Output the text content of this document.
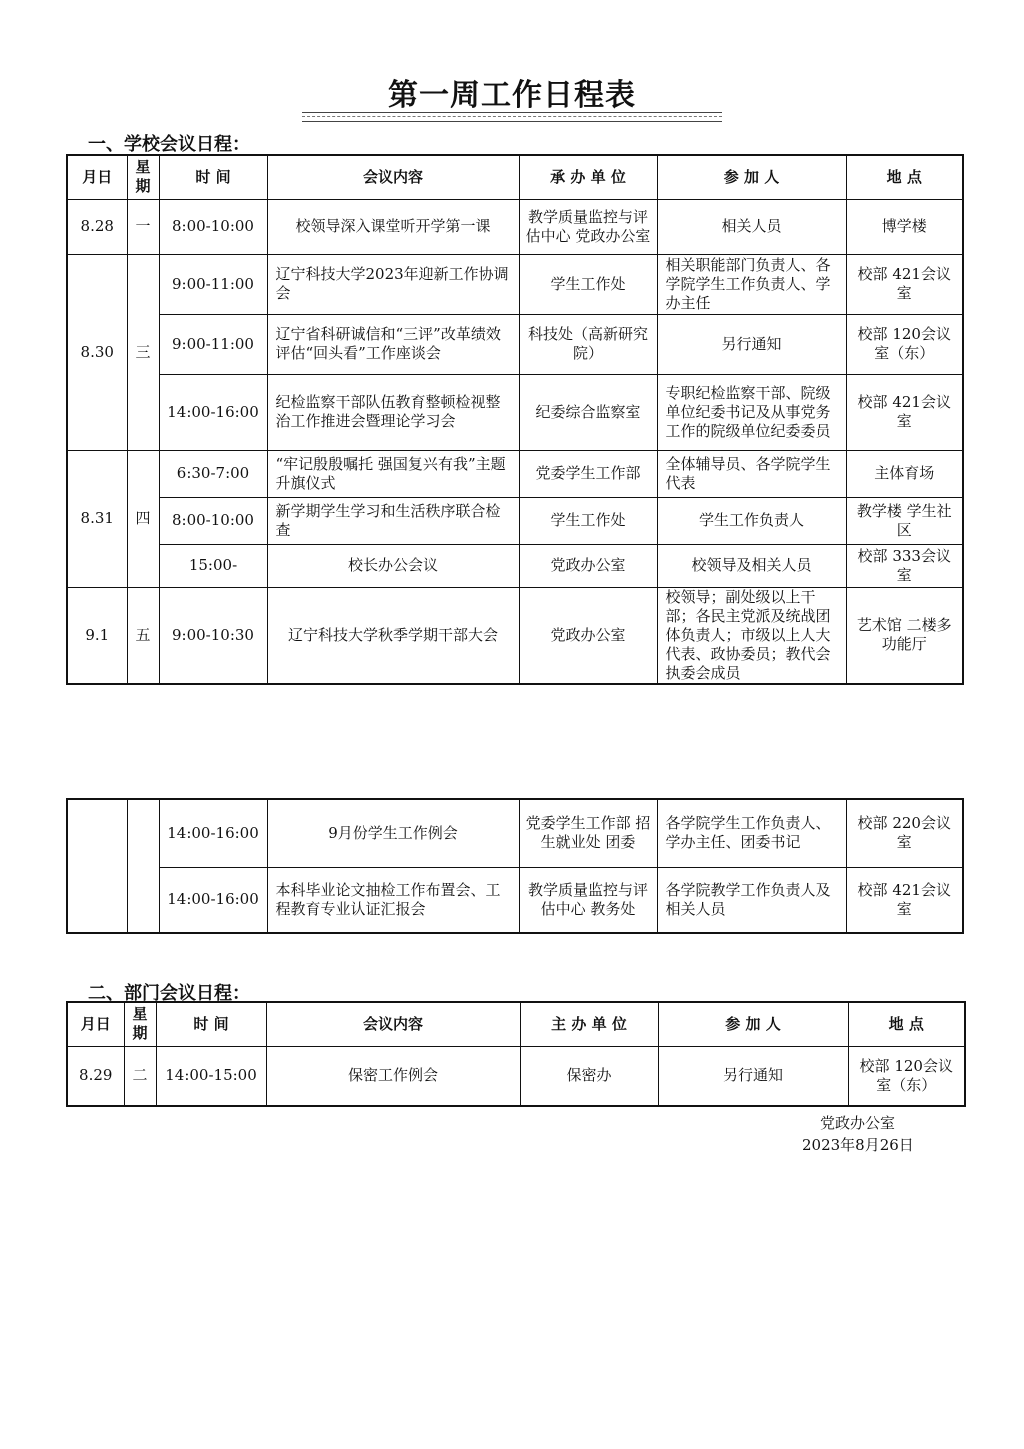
第一周工作日程表
一、学校会议日程：
月日	星期	时 间	会议内容	承 办 单 位	参 加 人	地 点
8.28	一	8:00-10:00	校领导深入课堂听开学第一课	教学质量监控与评估中心 党政办公室	相关人员	博学楼
8.30	三	9:00-11:00	辽宁科技大学2023年迎新工作协调会	学生工作处	相关职能部门负责人、各学院学生工作负责人、学办主任	校部 421会议室
		9:00-11:00	辽宁省科研诚信和“三评”改革绩效评估“回头看”工作座谈会	科技处（高新研究院）	另行通知	校部 120会议室（东）
		14:00-16:00	纪检监察干部队伍教育整顿检视整治工作推进会暨理论学习会	纪委综合监察室	专职纪检监察干部、院级单位纪委书记及从事党务工作的院级单位纪委委员	校部 421会议室
8.31	四	6:30-7:00	“牢记殷殷嘱托 强国复兴有我”主题升旗仪式	党委学生工作部	全体辅导员、各学院学生代表	主体育场
		8:00-10:00	新学期学生学习和生活秩序联合检查	学生工作处	学生工作负责人	教学楼 学生社区
		15:00-	校长办公会议	党政办公室	校领导及相关人员	校部 333会议室
9.1	五	9:00-10:30	辽宁科技大学秋季学期干部大会	党政办公室	校领导；副处级以上干部；各民主党派及统战团体负责人；市级以上人大代表、政协委员；教代会执委会成员	艺术馆 二楼多功能厅
		14:00-16:00	9月份学生工作例会	党委学生工作部 招生就业处 团委	各学院学生工作负责人、学办主任、团委书记	校部 220会议室
		14:00-16:00	本科毕业论文抽检工作布置会、工程教育专业认证汇报会	教学质量监控与评估中心 教务处	各学院教学工作负责人及相关人员	校部 421会议室
二、部门会议日程：
月日	星期	时 间	会议内容	主 办 单 位	参 加 人	地 点
8.29	二	14:00-15:00	保密工作例会	保密办	另行通知	校部 120会议室（东）
党政办公室
2023年8月26日
